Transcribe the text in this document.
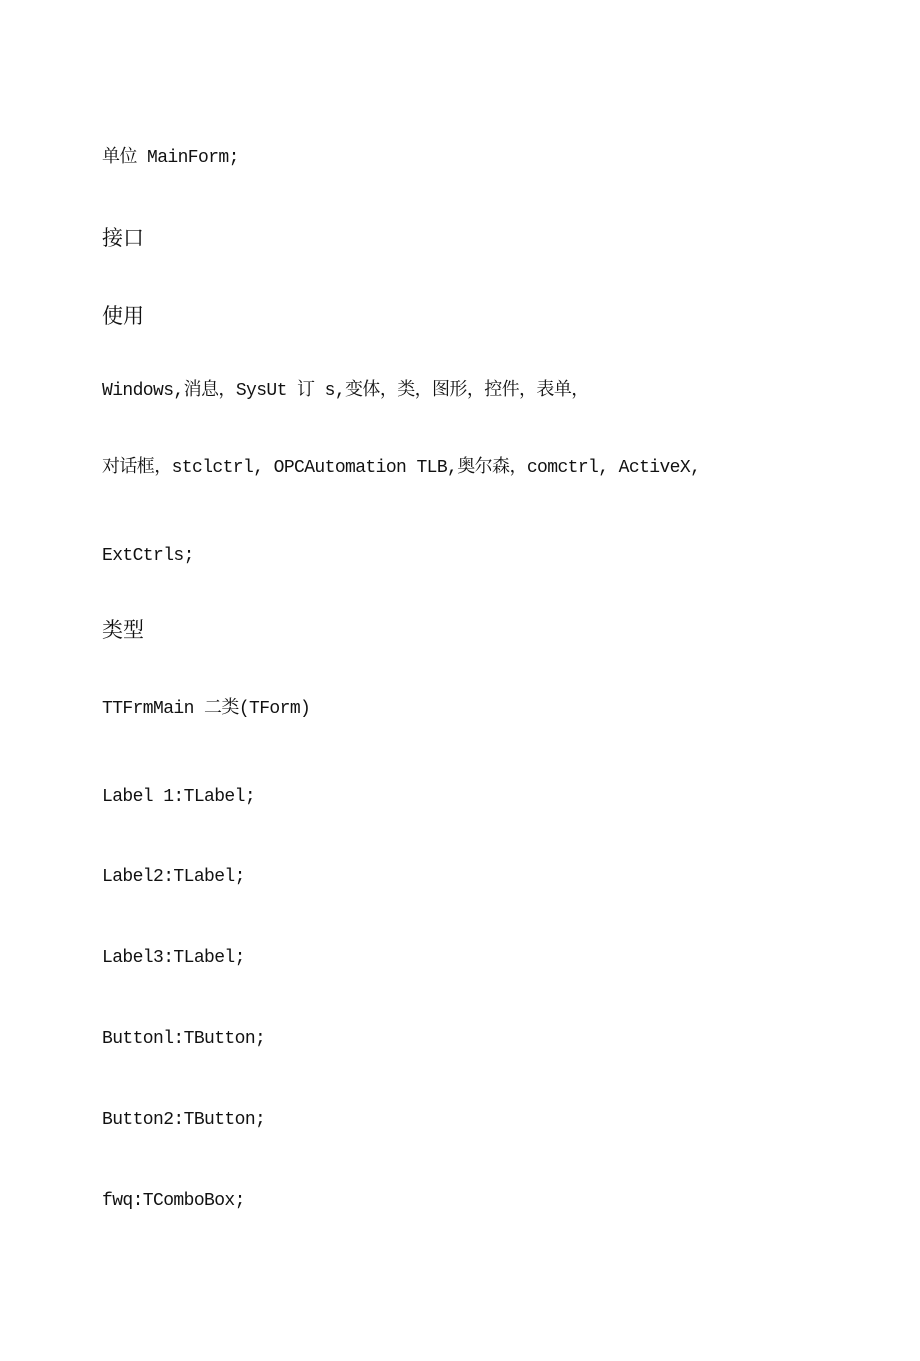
单位 MainForm;
接口
使用
Windows,消息，SysUt 订 s,变体，类，图形，控件，表单，
对话框，stclctrl, OPCAutomation TLB,奥尔森，comctrl, ActiveX,
ExtCtrls;
类型
TTFrmMain 二类(TForm)
Label 1:TLabel;
Label2:TLabel;
Label3:TLabel;
Buttonl:TButton;
Button2:TButton;
fwq:TComboBox;
